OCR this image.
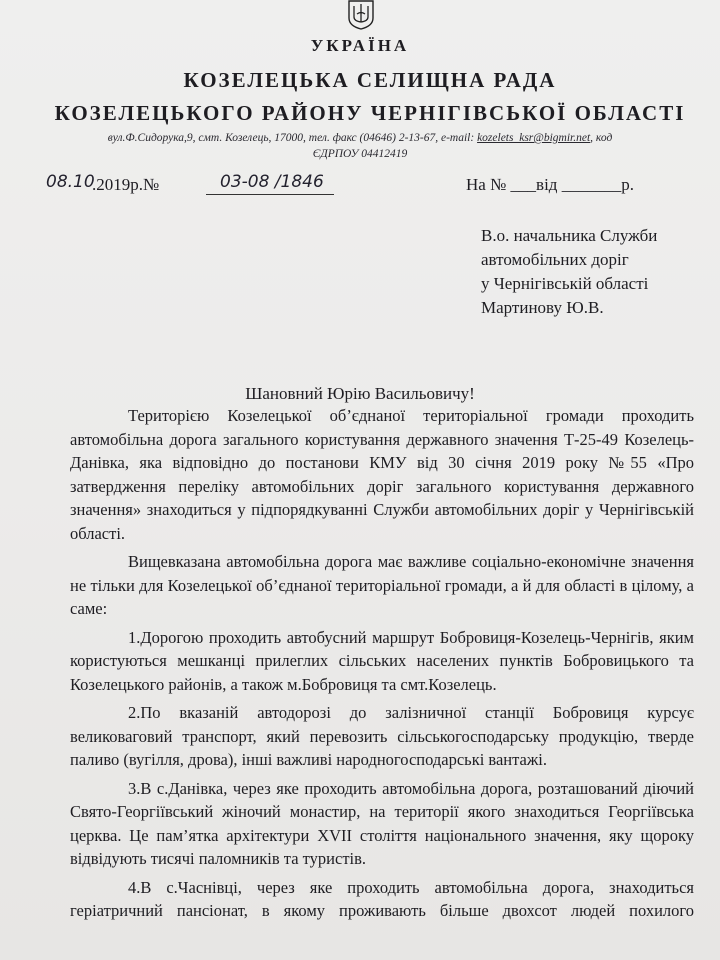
УКРАЇНА
КОЗЕЛЕЦЬКА СЕЛИЩНА РАДА
КОЗЕЛЕЦЬКОГО РАЙОНУ ЧЕРНІГІВСЬКОЇ ОБЛАСТІ
вул.Ф.Сидорука,9, смт. Козелець, 17000, тел. факс (04646) 2-13-67, e-mail: kozelets_ksr@bigmir.net, код
ЄДРПОУ 04412419
08.10
.2019р.№	03-08 /1846	На № ___від _______р.
В.о. начальника Служби
автомобільних доріг
у Чернігівській області
Мартинову Ю.В.
Шановний Юрію Васильовичу!

Територією Козелецької об’єднаної територіальної громади проходить автомобільна дорога загального користування державного значення Т-25-49 Козелець-Данівка, яка відповідно до постанови КМУ від 30 січня 2019 року №55 «Про затвердження переліку автомобільних доріг загального користування державного значення» знаходиться у підпорядкуванні Служби автомобільних доріг у Чернігівській області.

Вищевказана автомобільна дорога має важливе соціально-економічне значення не тільки для Козелецької об’єднаної територіальної громади, а й для області в цілому, а саме:

1.Дорогою проходить автобусний маршрут Бобровиця-Козелець-Чернігів, яким користуються мешканці прилеглих сільських населених пунктів Бобровицького та Козелецького районів, а також м.Бобровиця та смт.Козелець.

2.По вказаній автодорозі до залізничної станції Бобровиця курсує великоваговий транспорт, який перевозить сільськогосподарську продукцію, тверде паливо (вугілля, дрова), інші важливі народногосподарські вантажі.

3.В с.Данівка, через яке проходить автомобільна дорога, розташований діючий Свято-Георгіївський жіночий монастир, на території якого знаходиться Георгіївська церква. Це пам’ятка архітектури XVII століття національного значення, яку щороку відвідують тисячі паломників та туристів.

4.В с.Часнівці, через яке проходить автомобільна дорога, знаходиться геріатричний пансіонат, в якому проживають більше двохсот людей похилого
